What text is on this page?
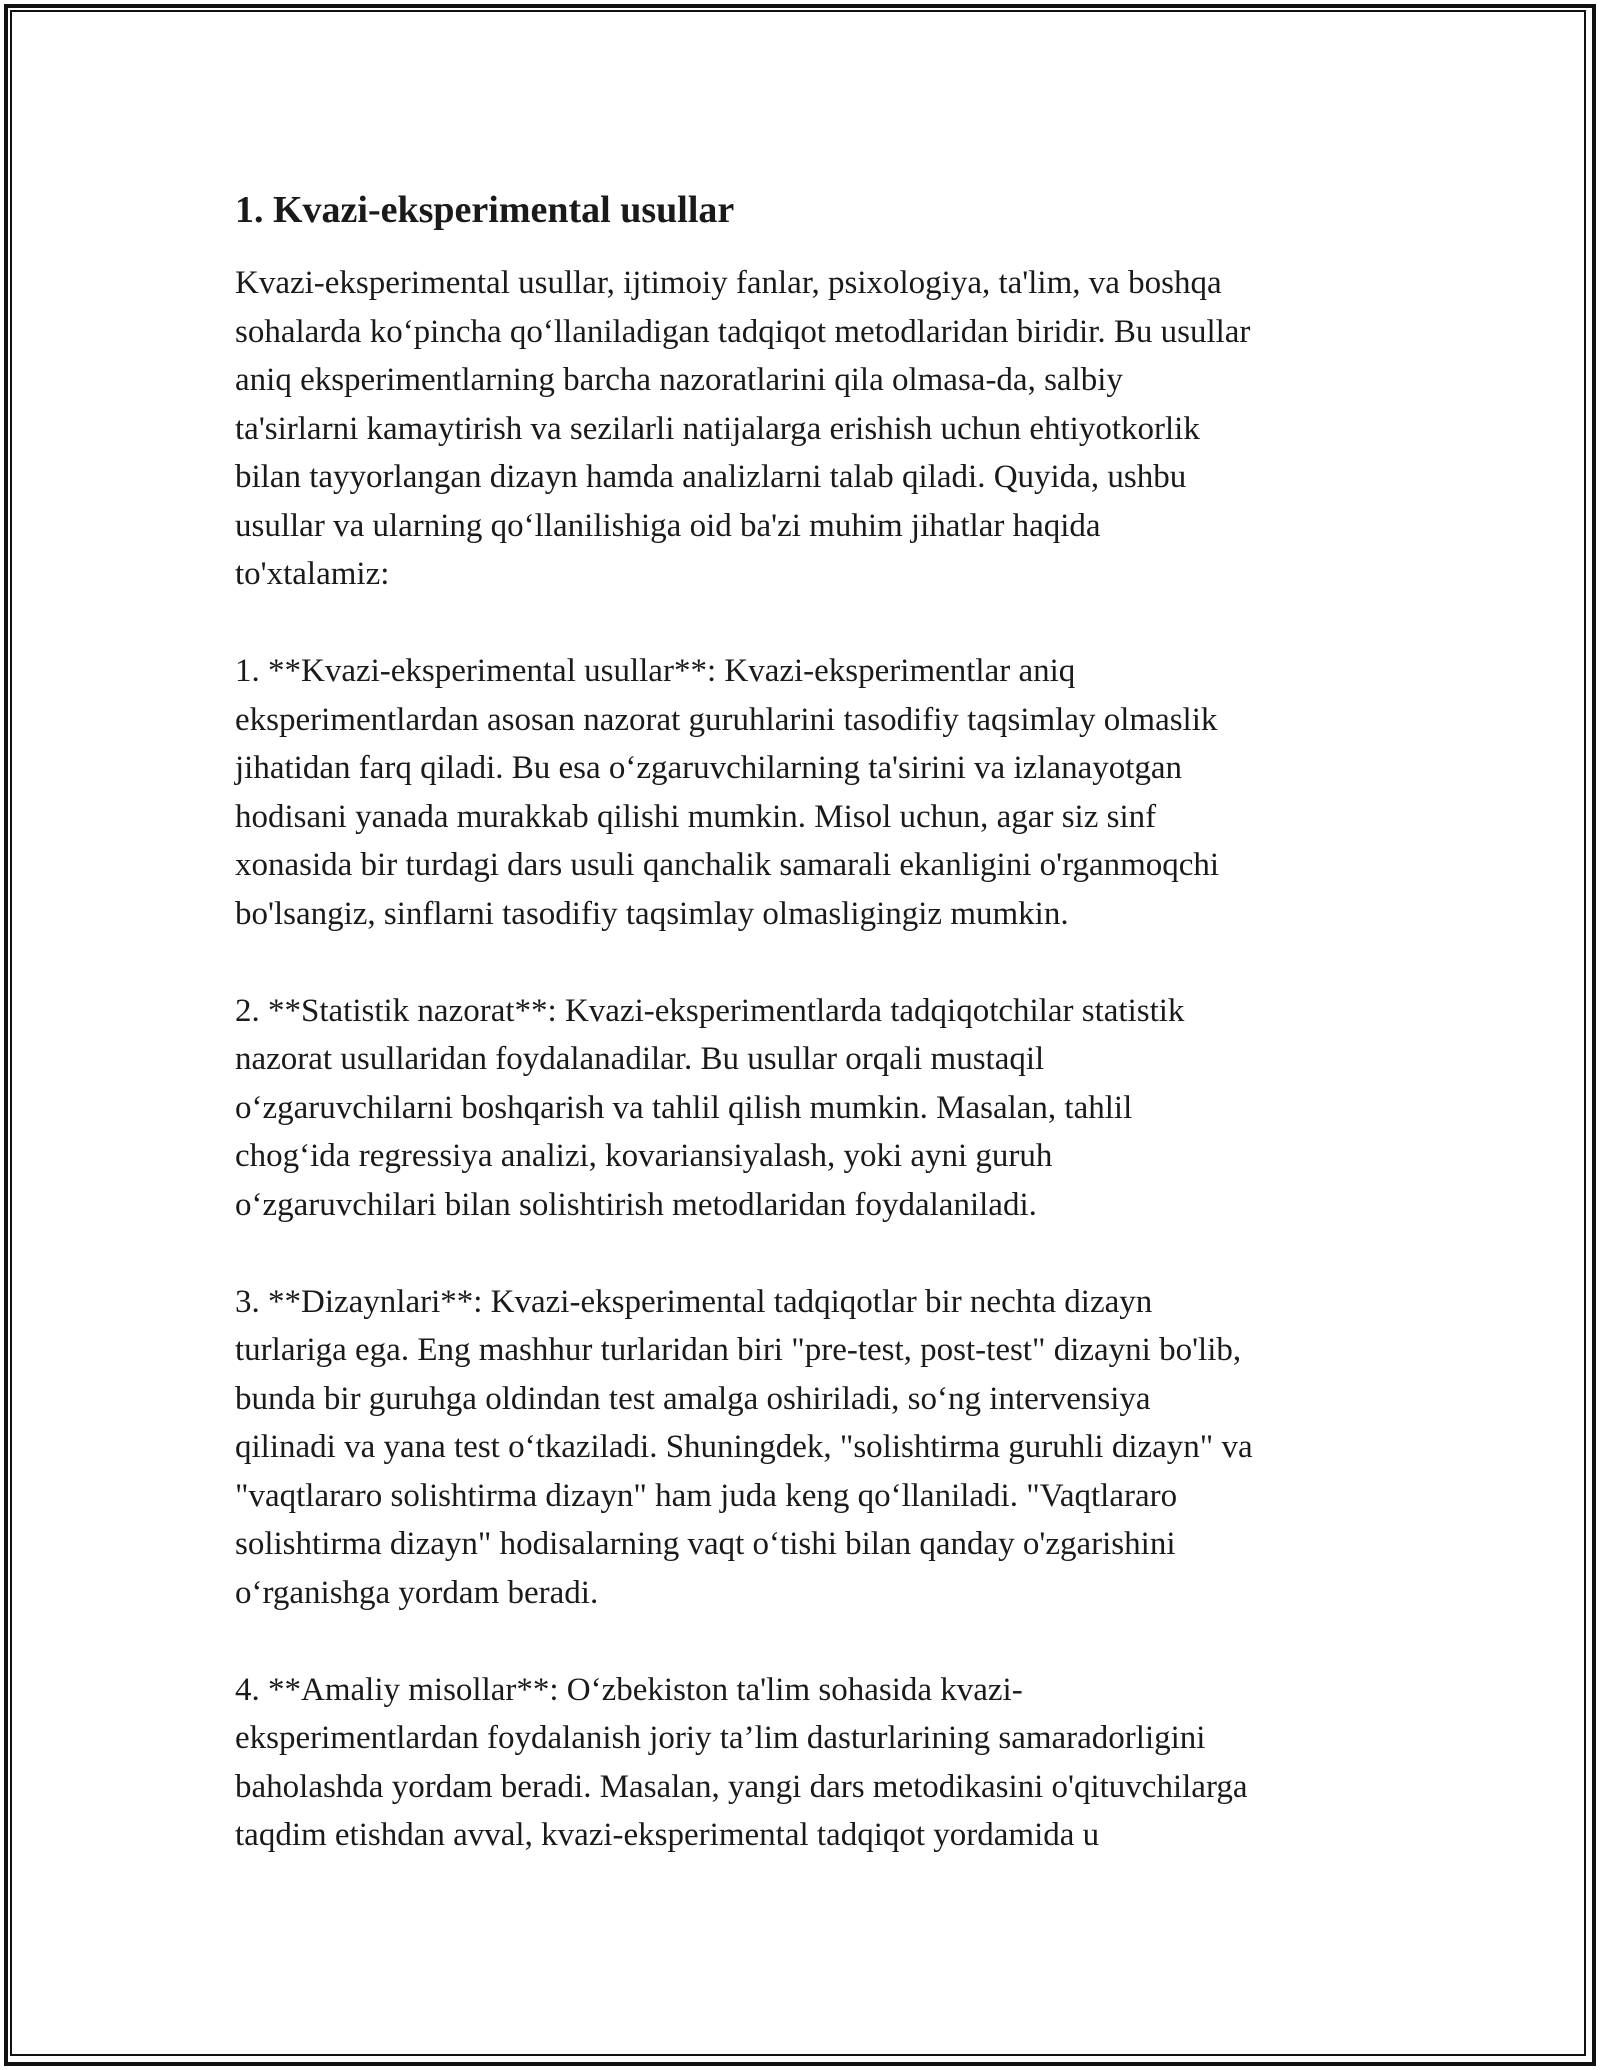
1. Kvazi-eksperimental usullar

Kvazi-eksperimental usullar, ijtimoiy fanlar, psixologiya, ta'lim, va boshqa
sohalarda ko‘pincha qo‘llaniladigan tadqiqot metodlaridan biridir. Bu usullar
aniq eksperimentlarning barcha nazoratlarini qila olmasa-da, salbiy
ta'sirlarni kamaytirish va sezilarli natijalarga erishish uchun ehtiyotkorlik
bilan tayyorlangan dizayn hamda analizlarni talab qiladi. Quyida, ushbu
usullar va ularning qo‘llanilishiga oid ba'zi muhim jihatlar haqida
to'xtalamiz:

1. **Kvazi-eksperimental usullar**: Kvazi-eksperimentlar aniq
eksperimentlardan asosan nazorat guruhlarini tasodifiy taqsimlay olmaslik
jihatidan farq qiladi. Bu esa o‘zgaruvchilarning ta'sirini va izlanayotgan
hodisani yanada murakkab qilishi mumkin. Misol uchun, agar siz sinf
xonasida bir turdagi dars usuli qanchalik samarali ekanligini o'rganmoqchi
bo'lsangiz, sinflarni tasodifiy taqsimlay olmasligingiz mumkin.

2. **Statistik nazorat**: Kvazi-eksperimentlarda tadqiqotchilar statistik
nazorat usullaridan foydalanadilar. Bu usullar orqali mustaqil
o‘zgaruvchilarni boshqarish va tahlil qilish mumkin. Masalan, tahlil
chog‘ida regressiya analizi, kovariansiyalash, yoki ayni guruh
o‘zgaruvchilari bilan solishtirish metodlaridan foydalaniladi.

3. **Dizaynlari**: Kvazi-eksperimental tadqiqotlar bir nechta dizayn
turlariga ega. Eng mashhur turlaridan biri "pre-test, post-test" dizayni bo'lib,
bunda bir guruhga oldindan test amalga oshiriladi, so‘ng intervensiya
qilinadi va yana test o‘tkaziladi. Shuningdek, "solishtirma guruhli dizayn" va
"vaqtlararo solishtirma dizayn" ham juda keng qo‘llaniladi. "Vaqtlararo
solishtirma dizayn" hodisalarning vaqt o‘tishi bilan qanday o'zgarishini
o‘rganishga yordam beradi.

4. **Amaliy misollar**: O‘zbekiston ta'lim sohasida kvazi-
eksperimentlardan foydalanish joriy ta’lim dasturlarining samaradorligini
baholashda yordam beradi. Masalan, yangi dars metodikasini o'qituvchilarga
taqdim etishdan avval, kvazi-eksperimental tadqiqot yordamida u
